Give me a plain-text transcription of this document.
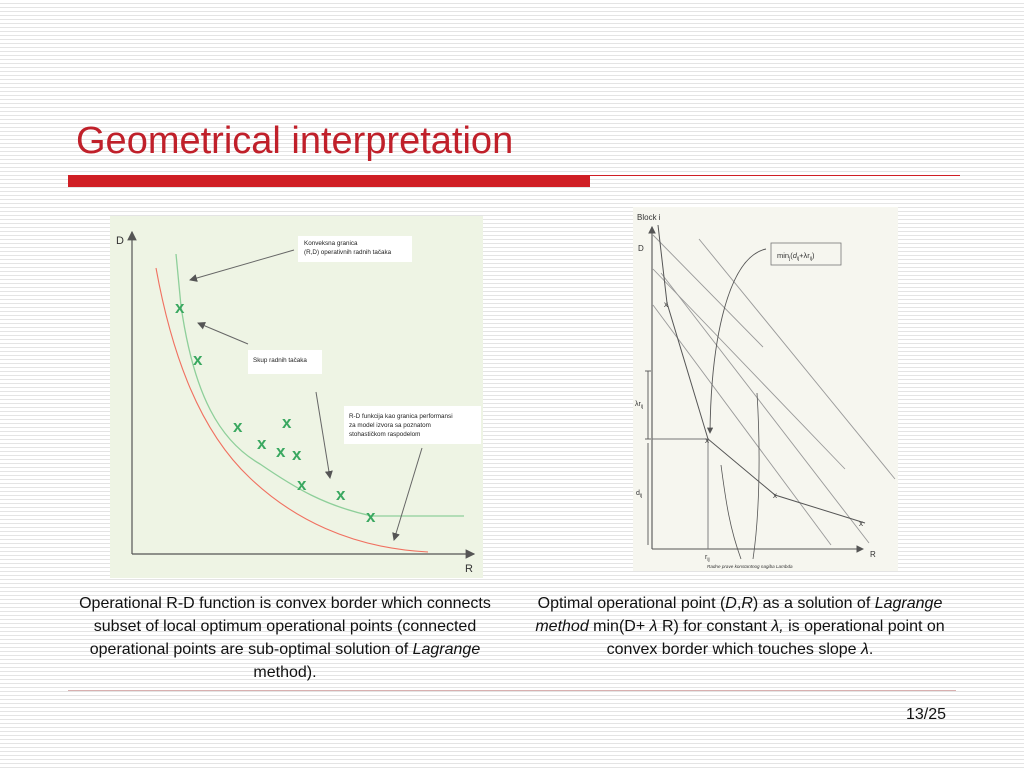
Geometrical interpretation
D
R
x
x
x x
x x x
x
x
x
Konveksna granica
(R,D) operativnih radnih tačaka
Skup radnih tačaka
R-D funkcija kao granica performansi
za model izvora sa poznatom
stohastičkom raspodelom
Block i
D
R
$\lambda r_{ij}$
$d_{ij}$
$r_{ij}$
x
x
x
x
$\min_j(d_{ij}+\lambda r_{ij})$
Radne prave konstantnog nagiba Lambda
Operational R-D function is convex border which connects subset of local optimum operational points (connected operational points are sub-optimal solution of Lagrange method).
Optimal operational point (D,R) as a solution of Lagrange method min(D+ λ R) for constant λ, is operational point on convex border which touches slope λ.
13/25
